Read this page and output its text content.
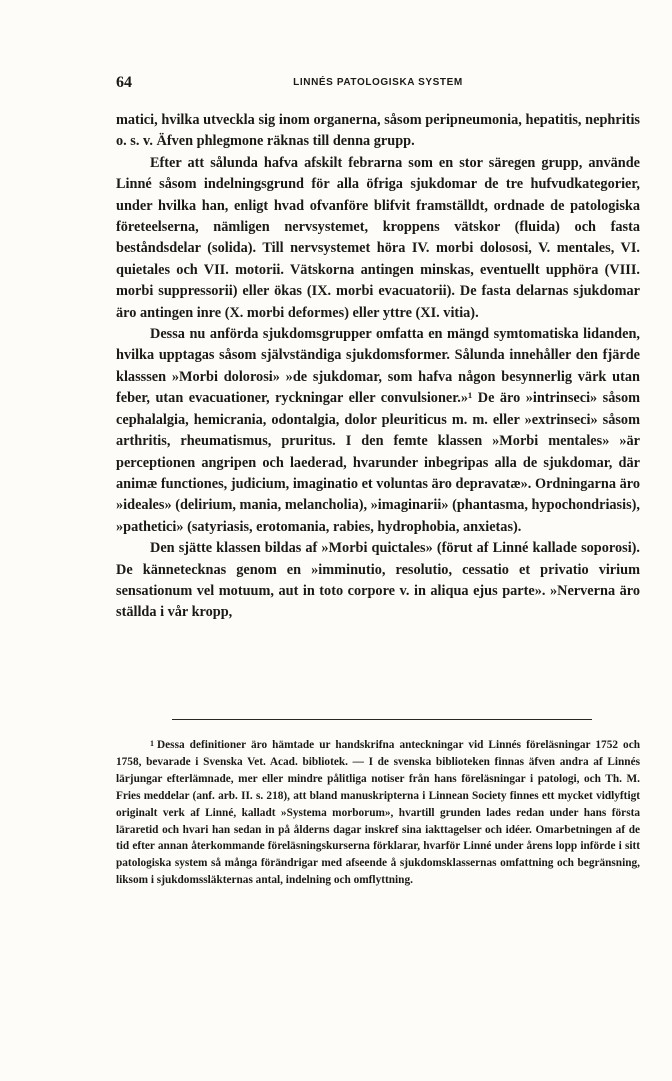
64	LINNÉS PATOLOGISKA SYSTEM

matici, hvilka utveckla sig inom organerna, såsom peripneumonia, hepatitis, nephritis o. s. v. Äfven phlegmone räknas till denna grupp.

Efter att sålunda hafva afskilt febrarna som en stor säregen grupp, använde Linné såsom indelningsgrund för alla öfriga sjukdomar de tre hufvudkategorier, under hvilka han, enligt hvad ofvanföre blifvit framställdt, ordnade de patologiska företeelserna, nämligen nervsystemet, kroppens vätskor (fluida) och fasta beståndsdelar (solida). Till nervsystemet höra IV. morbi dolososi, V. mentales, VI. quietales och VII. motorii. Vätskorna antingen minskas, eventuellt upphöra (VIII. morbi suppressorii) eller ökas (IX. morbi evacuatorii). De fasta delarnas sjukdomar äro antingen inre (X. morbi deformes) eller yttre (XI. vitia).

Dessa nu anförda sjukdomsgrupper omfatta en mängd symtomatiska lidanden, hvilka upptagas såsom självständiga sjukdomsformer. Sålunda innehåller den fjärde klasssen »Morbi dolorosi» »de sjukdomar, som hafva någon besynnerlig värk utan feber, utan evacuationer, ryckningar eller convulsioner.»¹ De äro »intrinseci» såsom cephalalgia, hemicrania, odontalgia, dolor pleuriticus m. m. eller »extrinseci» såsom arthritis, rheumatismus, pruritus. I den femte klassen »Morbi mentales» »är perceptionen angripen och laederad, hvarunder inbegripas alla de sjukdomar, där animæ functiones, judicium, imaginatio et voluntas äro depravatæ». Ordningarna äro »ideales» (delirium, mania, melancholia), »imaginarii» (phantasma, hypochondriasis), »pathetici» (satyriasis, erotomania, rabies, hydrophobia, anxietas).

Den sjätte klassen bildas af »Morbi quictales» (förut af Linné kallade soporosi). De kännetecknas genom en »imminutio, resolutio, cessatio et privatio virium sensationum vel motuum, aut in toto corpore v. in aliqua ejus parte». »Nerverna äro ställda i vår kropp,

$^1$ Dessa definitioner äro hämtade ur handskrifna anteckningar vid Linnés föreläsningar 1752 och 1758, bevarade i Svenska Vet. Acad. bibliotek. — I de svenska biblioteken finnas äfven andra af Linnés lärjungar efterlämnade, mer eller mindre pålitliga notiser från hans föreläsningar i patologi, och Th. M. Fries meddelar (anf. arb. II. s. 218), att bland manuskripterna i Linnean Society finnes ett mycket vidlyftigt originalt verk af Linné, kalladt »Systema morborum», hvartill grunden lades redan under hans första läraretid och hvari han sedan in på ålderns dagar inskref sina iakttagelser och idéer. Omarbetningen af de tid efter annan återkommande föreläsningskurserna förklarar, hvarför Linné under årens lopp införde i sitt patologiska system så många förändrigar med afseende å sjukdomsklassernas omfattning och begränsning, liksom i sjukdomssläkternas antal, indelning och omflyttning.
